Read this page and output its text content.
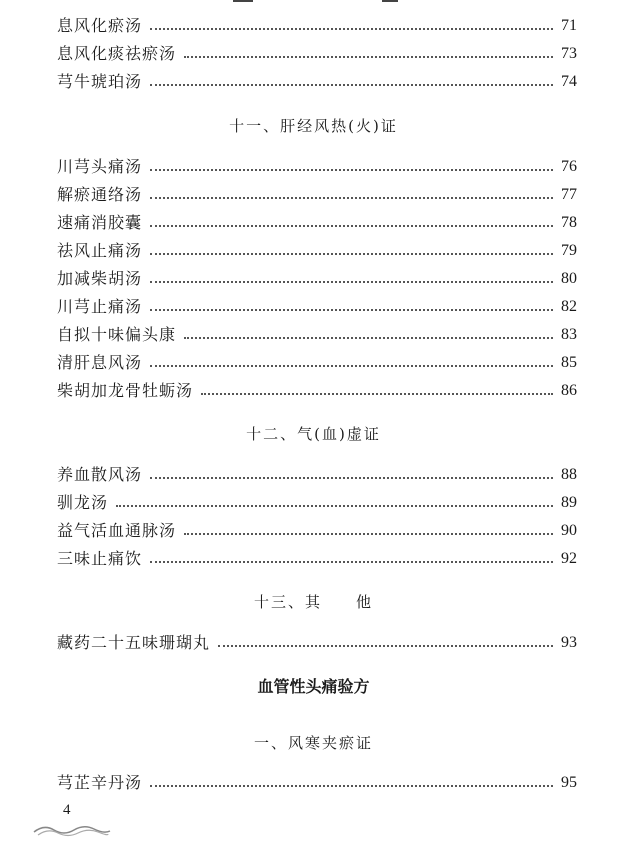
息风化瘀汤	71
息风化痰祛瘀汤	73
芎牛琥珀汤	74
十一、肝经风热(火)证
川芎头痛汤	76
解瘀通络汤	77
速痛消胶囊	78
祛风止痛汤	79
加减柴胡汤	80
川芎止痛汤	82
自拟十味偏头康	83
清肝息风汤	85
柴胡加龙骨牡蛎汤	86
十二、气(血)虚证
养血散风汤	88
驯龙汤	89
益气活血通脉汤	90
三味止痛饮	92
十三、其　　他
藏药二十五味珊瑚丸	93
血管性头痛验方
一、风寒夹瘀证
芎芷辛丹汤	95
4
